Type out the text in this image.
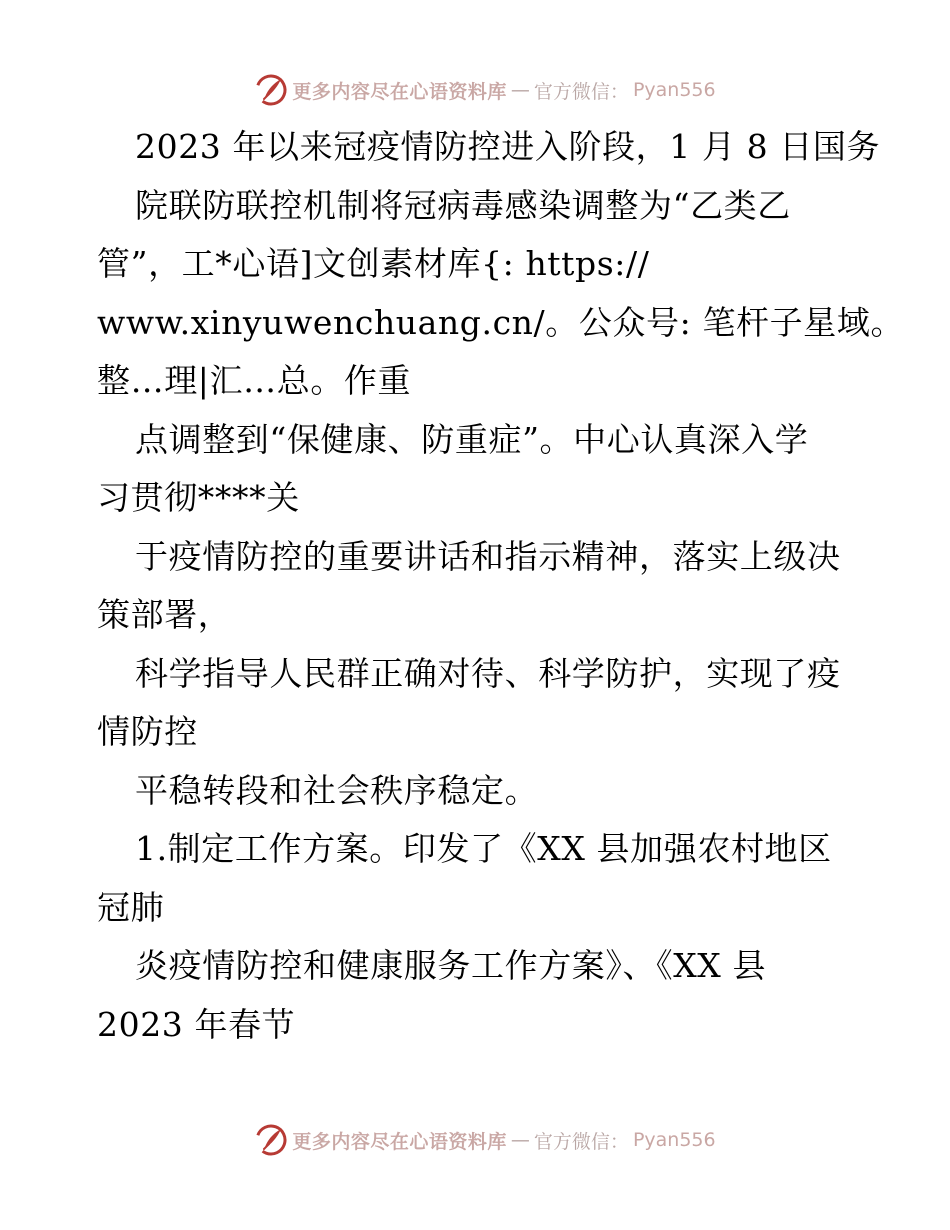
更多内容尽在心语资料库 — 官方微信： Pyan556
2023 年以来冠疫情防控进入阶段，1 月 8 日国务
院联防联控机制将冠病毒感染调整为“乙类乙
管”，工*心语]文创素材库{: https://
www.xinyuwenchuang.cn/。公众号: 笔杆子星域。
整…理|汇…总。作重
点调整到“保健康、防重症”。中心认真深入学
习贯彻****关
于疫情防控的重要讲话和指示精神，落实上级决
策部署，
科学指导人民群正确对待、科学防护，实现了疫
情防控
平稳转段和社会秩序稳定。
1.制定工作方案。印发了《XX 县加强农村地区
冠肺
炎疫情防控和健康服务工作方案》、《XX 县
2023 年春节
更多内容尽在心语资料库 — 官方微信： Pyan556
